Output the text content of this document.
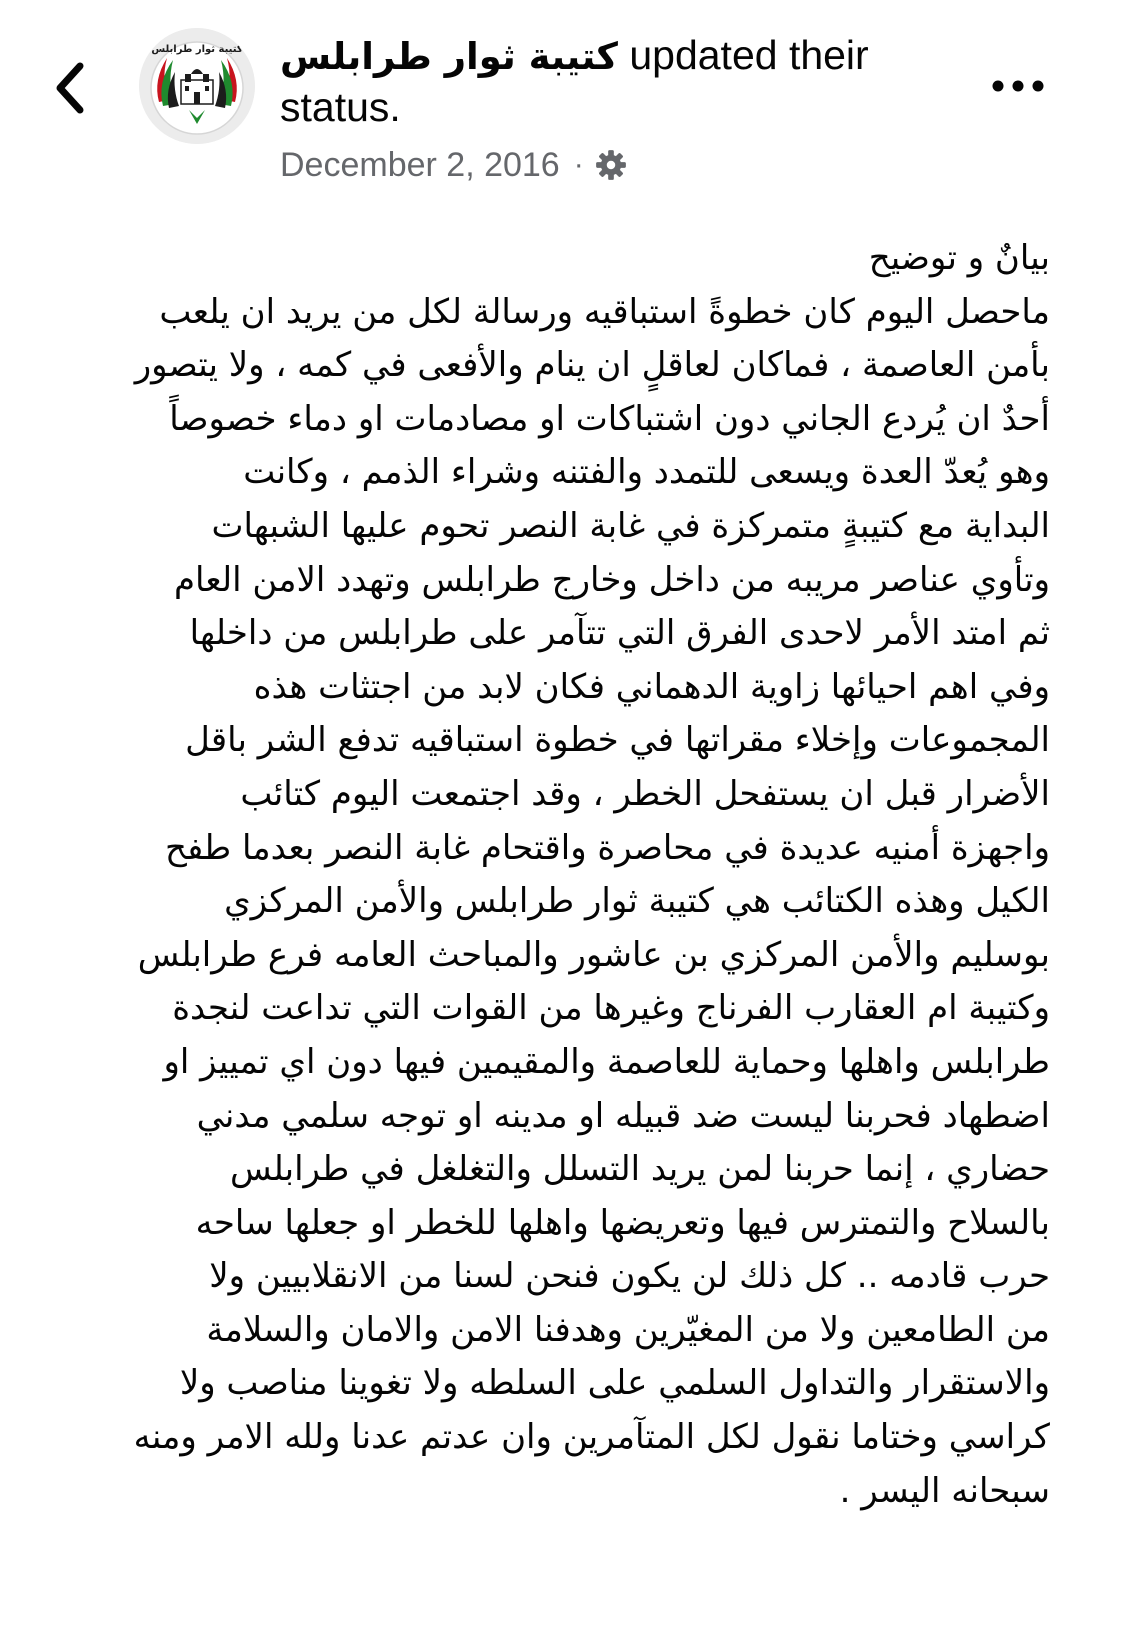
كتيبة ثوار طرابلس كتيبة ثوار طرابلس updated their status.
December 2, 2016 ·
بيانٌ و توضيح
ماحصل اليوم كان خطوةً استباقيه ورسالة لكل من يريد ان يلعب
بأمن العاصمة ، فماكان لعاقلٍ ان ينام والأفعى في كمه ، ولا يتصور
أحدٌ ان يُردع الجاني دون اشتباكات او مصادمات او دماء خصوصاً
وهو يُعدّ العدة ويسعى للتمدد والفتنه وشراء الذمم ، وكانت
البداية مع كتيبةٍ متمركزة في غابة النصر تحوم عليها الشبهات
وتأوي عناصر مريبه من داخل وخارج طرابلس وتهدد الامن العام
ثم امتد الأمر لاحدى الفرق التي تتآمر على طرابلس من داخلها
وفي اهم احيائها زاوية الدهماني فكان لابد من اجتثات هذه
المجموعات وإخلاء مقراتها في خطوة استباقيه تدفع الشر باقل
الأضرار قبل ان يستفحل الخطر ، وقد اجتمعت اليوم كتائب
واجهزة أمنيه عديدة في محاصرة واقتحام غابة النصر بعدما طفح
الكيل وهذه الكتائب هي كتيبة ثوار طرابلس والأمن المركزي
بوسليم والأمن المركزي بن عاشور والمباحث العامه فرع طرابلس
وكتيبة ام العقارب الفرناج وغيرها من القوات التي تداعت لنجدة
طرابلس واهلها وحماية للعاصمة والمقيمين فيها دون اي تمييز او
اضطهاد فحربنا ليست ضد قبيله او مدينه او توجه سلمي مدني
حضاري ، إنما حربنا لمن يريد التسلل والتغلغل في طرابلس
بالسلاح والتمترس فيها وتعريضها واهلها للخطر او جعلها ساحه
حرب قادمه .. كل ذلك لن يكون فنحن لسنا من الانقلابيين ولا
من الطامعين ولا من المغيّرين وهدفنا الامن والامان والسلامة
والاستقرار والتداول السلمي على السلطه ولا تغوينا مناصب ولا
كراسي وختاما نقول لكل المتآمرين وان عدتم عدنا ولله الامر ومنه
سبحانه اليسر .
